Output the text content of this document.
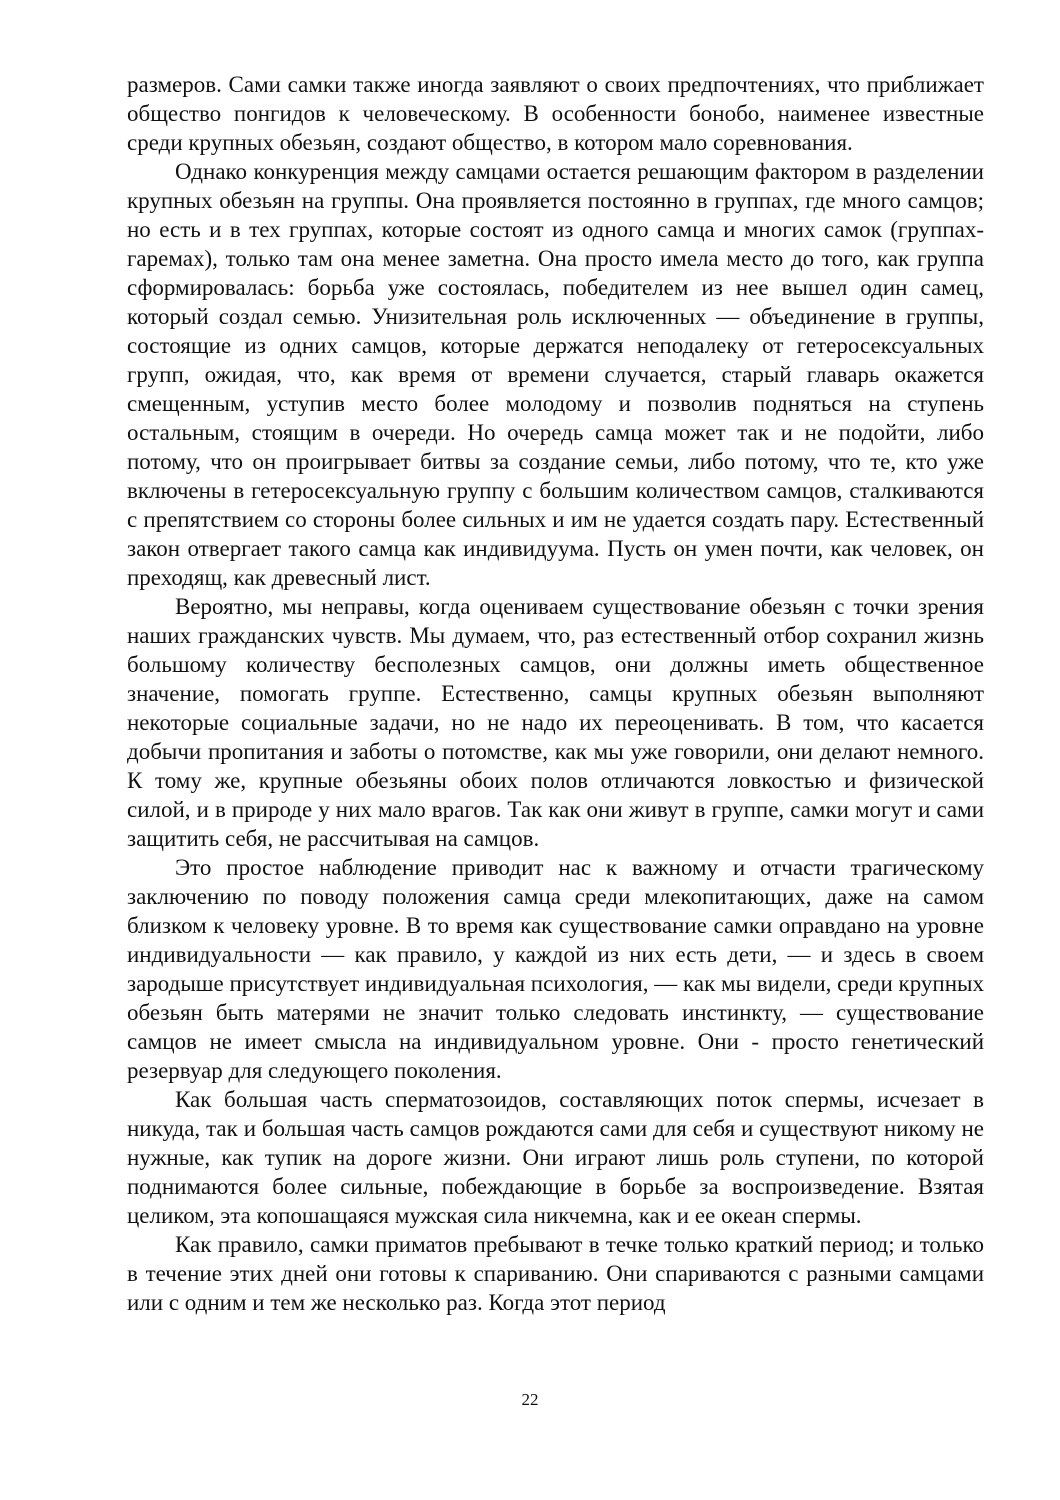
размеров. Сами самки также иногда заявляют о своих предпочтениях, что приближает общество понгидов к человеческому. В особенности бонобо, наименее известные среди крупных обезьян, создают общество, в котором мало соревнования.

Однако конкуренция между самцами остается решающим фактором в разделении крупных обезьян на группы. Она проявляется постоянно в группах, где много самцов; но есть и в тех группах, которые состоят из одного самца и многих самок (группах-гаремах), только там она менее заметна. Она просто имела место до того, как группа сформировалась: борьба уже состоялась, победителем из нее вышел один самец, который создал семью. Унизительная роль исключенных — объединение в группы, состоящие из одних самцов, которые держатся неподалеку от гетеросексуальных групп, ожидая, что, как время от времени случается, старый главарь окажется смещенным, уступив место более молодому и позволив подняться на ступень остальным, стоящим в очереди. Но очередь самца может так и не подойти, либо потому, что он проигрывает битвы за создание семьи, либо потому, что те, кто уже включены в гетеросексуальную группу с большим количеством самцов, сталкиваются с препятствием со стороны более сильных и им не удается создать пару. Естественный закон отвергает такого самца как индивидуума. Пусть он умен почти, как человек, он преходящ, как древесный лист.

Вероятно, мы неправы, когда оцениваем существование обезьян с точки зрения наших гражданских чувств. Мы думаем, что, раз естественный отбор сохранил жизнь большому количеству бесполезных самцов, они должны иметь общественное значение, помогать группе. Естественно, самцы крупных обезьян выполняют некоторые социальные задачи, но не надо их переоценивать. В том, что касается добычи пропитания и заботы о потомстве, как мы уже говорили, они делают немного. К тому же, крупные обезьяны обоих полов отличаются ловкостью и физической силой, и в природе у них мало врагов. Так как они живут в группе, самки могут и сами защитить себя, не рассчитывая на самцов.

Это простое наблюдение приводит нас к важному и отчасти трагическому заключению по поводу положения самца среди млекопитающих, даже на самом близком к человеку уровне. В то время как существование самки оправдано на уровне индивидуальности — как правило, у каждой из них есть дети, — и здесь в своем зародыше присутствует индивидуальная психология, — как мы видели, среди крупных обезьян быть матерями не значит только следовать инстинкту, — существование самцов не имеет смысла на индивидуальном уровне. Они - просто генетический резервуар для следующего поколения.

Как большая часть сперматозоидов, составляющих поток спермы, исчезает в никуда, так и большая часть самцов рождаются сами для себя и существуют никому не нужные, как тупик на дороге жизни. Они играют лишь роль ступени, по которой поднимаются более сильные, побеждающие в борьбе за воспроизведение. Взятая целиком, эта копошащаяся мужская сила никчемна, как и ее океан спермы.

Как правило, самки приматов пребывают в течке только краткий период; и только в течение этих дней они готовы к спариванию. Они спариваются с разными самцами или с одним и тем же несколько раз. Когда этот период

22
